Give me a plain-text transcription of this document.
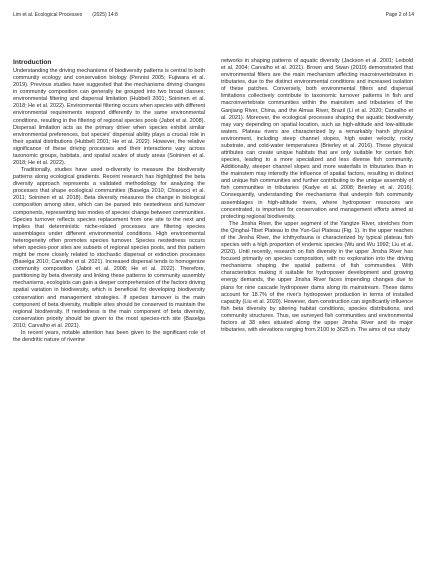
Lim et al. Ecological Processes (2025) 14:8	Page 2 of 14
Introduction

Understanding the driving mechanisms of biodiversity patterns is central to both community ecology and conservation biology (Pennisi 2005; Fujiwara et al. 2019). Previous studies have suggested that the mechanisms driving changes in community composition can generally be grouped into two broad classes: environmental filtering and dispersal limitation (Hubbell 2001; Soininen et al. 2018; He et al. 2022). Environmental filtering occurs when species with different environmental requirements respond differently to the same environmental conditions, resulting in the filtering of regional species pools (Jabot et al. 2008). Dispersal limitation acts as the primary driver when species exhibit similar environmental preferences, but species' dispersal ability plays a crucial role in their spatial distributions (Hubbell 2001; He et al. 2022). However, the relative significance of these driving processes and their interactions vary across taxonomic groups, habitats, and spatial scales of study areas (Soininen et al. 2018; He et al. 2022).

Traditionally, studies have used α-diversity to measure the biodiversity patterns along ecological gradients. Recent research has highlighted the beta diversity approach represents a validated methodology for analyzing the processes that shape ecological communities (Baselga 2010; Chiarucci et al. 2011; Soininen et al. 2018). Beta diversity measures the change in biological composition among sites, which can be parsed into nestedness and turnover components, representing two modes of species change between communities. Species turnover reflects species replacement from one site to the next and implies that deterministic niche-related processes are filtering species assemblages under different environmental conditions. High environmental heterogeneity often promotes species turnover. Species nestedness occurs when species-poor sites are subsets of regional species pools, and this pattern might be more closely related to stochastic dispersal or extinction processes (Baselga 2010; Carvalho et al. 2021). Increased dispersal tends to homogenize community composition (Jabot et al. 2008; He et al. 2022). Therefore, partitioning by beta diversity and linking these patterns to community assembly mechanisms, ecologists can gain a deeper comprehension of the factors driving spatial variation in biodiversity, which is beneficial for developing biodiversity conservation and management strategies. If species turnover is the main component of beta diversity, multiple sites should be conserved to maintain the regional biodiversity. If nestedness is the main component of beta diversity, conservation priority should be given to the most species-rich site (Baselga 2010; Carvalho et al. 2021).

In recent years, notable attention has been given to the significant role of the dendritic nature of riverine

networks in shaping patterns of aquatic diversity (Jackson et al. 2001; Leibold et al. 2004; Carvalho et al. 2021). Brown and Swan (2010) demonstrated that environmental filters are the main mechanism affecting macroinvertebrates in tributaries, due to the distinct environmental conditions and increased isolation of these patches. Conversely, both environmental filters and dispersal limitations collectively contribute to taxonomic turnover patterns in fish and macroinvertebrate communities within the mainstem and tributaries of the Ganjiang River, China, and the Almas River, Brazil (Li et al. 2020; Carvalho et al. 2021). Moreover, the ecological processes shaping the aquatic biodiversity may vary depending on spatial location, such as high-altitude and low-altitude waters. Plateau rivers are characterized by a remarkably harsh physical environment, including steep channel slopes, high water velocity, rocky substrate, and cold-water temperatures (Brierley et al. 2016). These physical attributes can create unique habitats that are only suitable for certain fish species, leading to a more specialized and less diverse fish community. Additionally, steeper channel slopes and more waterfalls in tributaries than in the mainstem may intensify the influence of spatial factors, resulting in distinct and unique fish communities and further contributing to the unique assembly of fish communities in tributaries (Kadye et al. 2008; Brierley et al. 2016). Consequently, understanding the mechanisms that underpin fish community assemblages in high-altitude rivers, where hydropower resources are concentrated, is important for conservation and management efforts aimed at protecting regional biodiversity.

The Jinsha River, the upper segment of the Yangtze River, stretches from the Qinghai-Tibet Plateau to the Yun-Gui Plateau (Fig. 1). In the upper reaches of the Jinsha River, the ichthyofauna is characterized by typical plateau fish species with a high proportion of endemic species (Wu and Wu 1992; Liu et al. 2020). Until recently, research on fish diversity in the upper Jinsha River has focused primarily on species composition, with no exploration into the driving mechanisms shaping the spatial patterns of fish communities. With characteristics making it suitable for hydropower development and growing energy demands, the upper Jinsha River faces impending changes due to plans for nine cascade hydropower dams along its mainstream. These dams account for 18.7% of the river's hydropower production in terms of installed capacity (Liu et al. 2020). However, dam construction can significantly influence fish beta diversity by altering habitat conditions, species distributions, and community structures. Thus, we surveyed fish communities and environmental factors at 38 sites situated along the upper Jinsha River and its major tributaries, with elevations ranging from 2100 to 3625 m. The aims of our study
